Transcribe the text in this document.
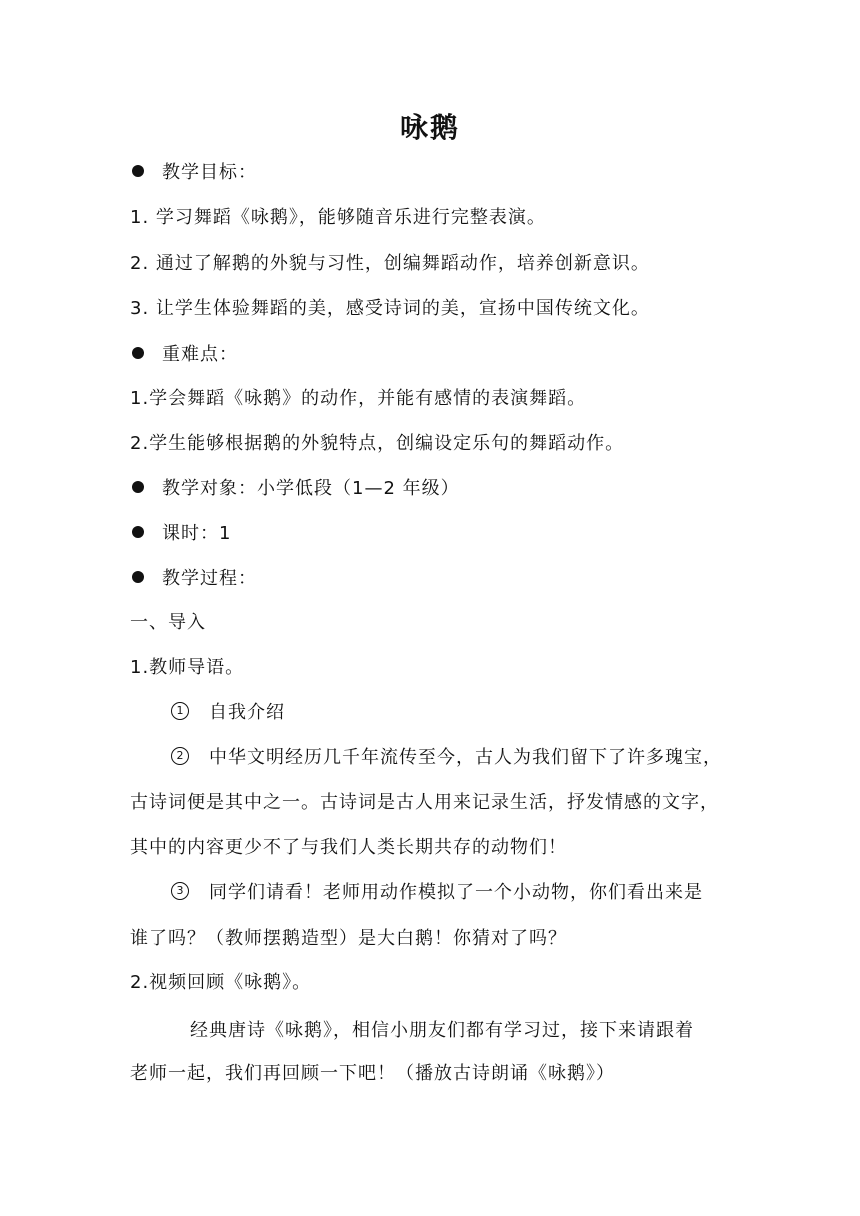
咏鹅
教学目标：
1. 学习舞蹈《咏鹅》，能够随音乐进行完整表演。
2. 通过了解鹅的外貌与习性，创编舞蹈动作，培养创新意识。
3. 让学生体验舞蹈的美，感受诗词的美，宣扬中国传统文化。
重难点：
1.学会舞蹈《咏鹅》的动作，并能有感情的表演舞蹈。
2.学生能够根据鹅的外貌特点，创编设定乐句的舞蹈动作。
教学对象：小学低段（1—2 年级）
课时：1
教学过程：
一、导入
1.教师导语。
1 自我介绍
2 中华文明经历几千年流传至今，古人为我们留下了许多瑰宝，
古诗词便是其中之一。古诗词是古人用来记录生活，抒发情感的文字，
其中的内容更少不了与我们人类长期共存的动物们！
3 同学们请看！老师用动作模拟了一个小动物，你们看出来是
谁了吗？（教师摆鹅造型）是大白鹅！你猜对了吗？
2.视频回顾《咏鹅》。
经典唐诗《咏鹅》，相信小朋友们都有学习过，接下来请跟着
老师一起，我们再回顾一下吧！（播放古诗朗诵《咏鹅》）
